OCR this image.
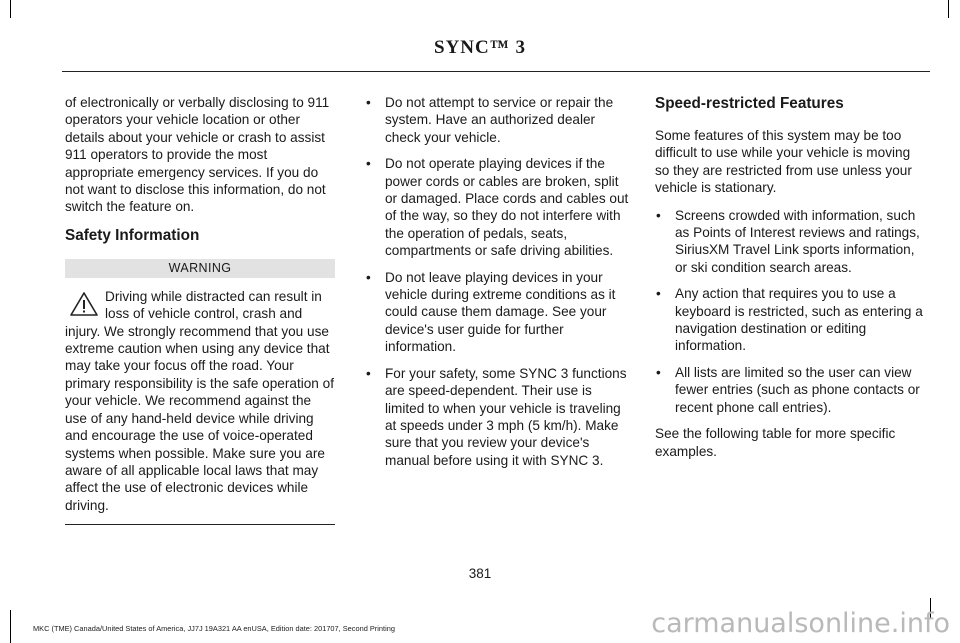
SYNC™ 3

of electronically or verbally disclosing to 911 operators your vehicle location or other details about your vehicle or crash to assist 911 operators to provide the most appropriate emergency services. If you do not want to disclose this information, do not switch the feature on.

Safety Information
WARNING

Driving while distracted can result in loss of vehicle control, crash and injury. We strongly recommend that you use extreme caution when using any device that may take your focus off the road. Your primary responsibility is the safe operation of your vehicle. We recommend against the use of any hand-held device while driving and encourage the use of voice-operated systems when possible. Make sure you are aware of all applicable local laws that may affect the use of electronic devices while driving.

• Do not attempt to service or repair the system. Have an authorized dealer check your vehicle.
• Do not operate playing devices if the power cords or cables are broken, split or damaged. Place cords and cables out of the way, so they do not interfere with the operation of pedals, seats, compartments or safe driving abilities.
• Do not leave playing devices in your vehicle during extreme conditions as it could cause them damage. See your device's user guide for further information.
• For your safety, some SYNC 3 functions are speed-dependent. Their use is limited to when your vehicle is traveling at speeds under 3 mph (5 km/h). Make sure that you review your device's manual before using it with SYNC 3.
Speed-restricted Features

Some features of this system may be too difficult to use while your vehicle is moving so they are restricted from use unless your vehicle is stationary.

• Screens crowded with information, such as Points of Interest reviews and ratings, SiriusXM Travel Link sports information, or ski condition search areas.
• Any action that requires you to use a keyboard is restricted, such as entering a navigation destination or editing information.
• All lists are limited so the user can view fewer entries (such as phone contacts or recent phone call entries).

See the following table for more specific examples.

381
MKC (TME) Canada/United States of America, JJ7J 19A321 AA enUSA, Edition date: 201707, Second Printing	carmanualsonline.info
